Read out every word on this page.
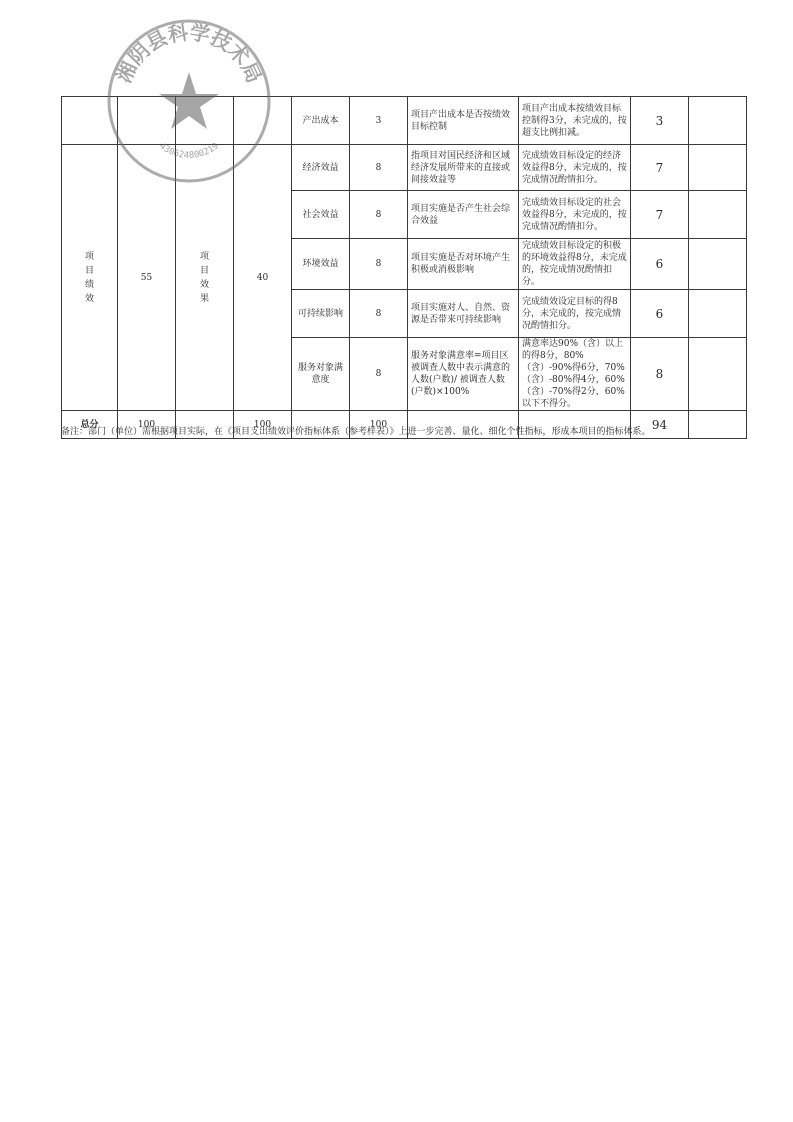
				产出成本	3	项目产出成本是否按绩效目标控制	项目产出成本按绩效目标控制得3分，未完成的，按超支比例扣减。	3	

项目绩效	55	项目效果	40	经济效益	8	指项目对国民经济和区域经济发展所带来的直接或间接效益等	完成绩效目标设定的经济效益得8分，未完成的，按完成情况酌情扣分。	7	
				社会效益	8	项目实施是否产生社会综合效益	完成绩效目标设定的社会效益得8分，未完成的，按完成情况酌情扣分。	7	
				环境效益	8	项目实施是否对环境产生积极或消极影响	完成绩效目标设定的积极的环境效益得8分，未完成的，按完成情况酌情扣分。	6	
				可持续影响	8	项目实施对人、自然、资源是否带来可持续影响	完成绩效设定目标的得8分，未完成的，按完成情况酌情扣分。	6	
				服务对象满意度	8	服务对象满意率=项目区被调查人数中表示满意的人数(户数)/ 被调查人数(户数)×100%	满意率达90%（含）以上的得8分，80%（含）-90%得6分，70%（含）-80%得4分，60%（含）-70%得2分，60%以下不得分。	8	
总分	100		100		100			94	
备注：部门（单位）需根据项目实际，在《项目支出绩效评价指标体系（参考样表）》上进一步完善、量化、细化个性指标，形成本项目的指标体系。
湘阴县科学技术局
430624800219
